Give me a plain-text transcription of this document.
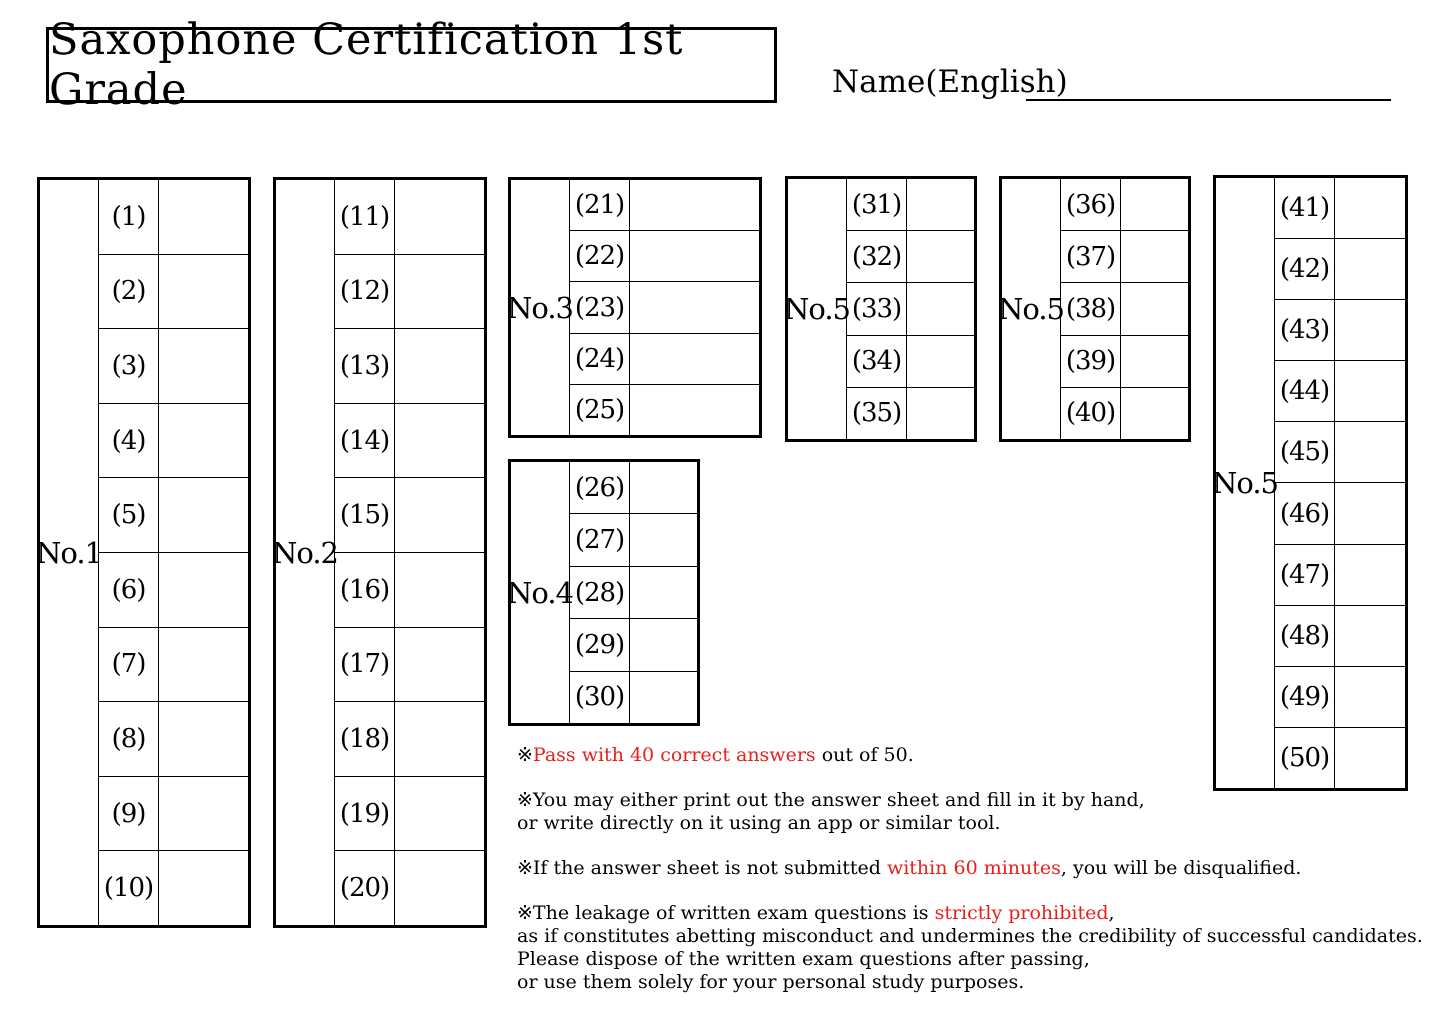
Saxophone Certification 1st Grade	Name(English)
No.1
(1)
(2)
(3)
(4)
(5)
(6)
(7)
(8)
(9)
(10)
No.2
(11)
(12)
(13)
(14)
(15)
(16)
(17)
(18)
(19)
(20)
No.3
(21)
(22)
(23)
(24)
(25)
No.4
(26)
(27)
(28)
(29)
(30)
No.5
(31)
(32)
(33)
(34)
(35)
No.5
(36)
(37)
(38)
(39)
(40)
No.5
(41)
(42)
(43)
(44)
(45)
(46)
(47)
(48)
(49)
(50)
※Pass with 40 correct answers out of 50.
※You may either print out the answer sheet and fill in it by hand,
or write directly on it using an app or similar tool.
※If the answer sheet is not submitted within 60 minutes, you will be disqualified.
※The leakage of written exam questions is strictly prohibited,
as if constitutes abetting misconduct and undermines the credibility of successful candidates.
Please dispose of the written exam questions after passing,
or use them solely for your personal study purposes.
